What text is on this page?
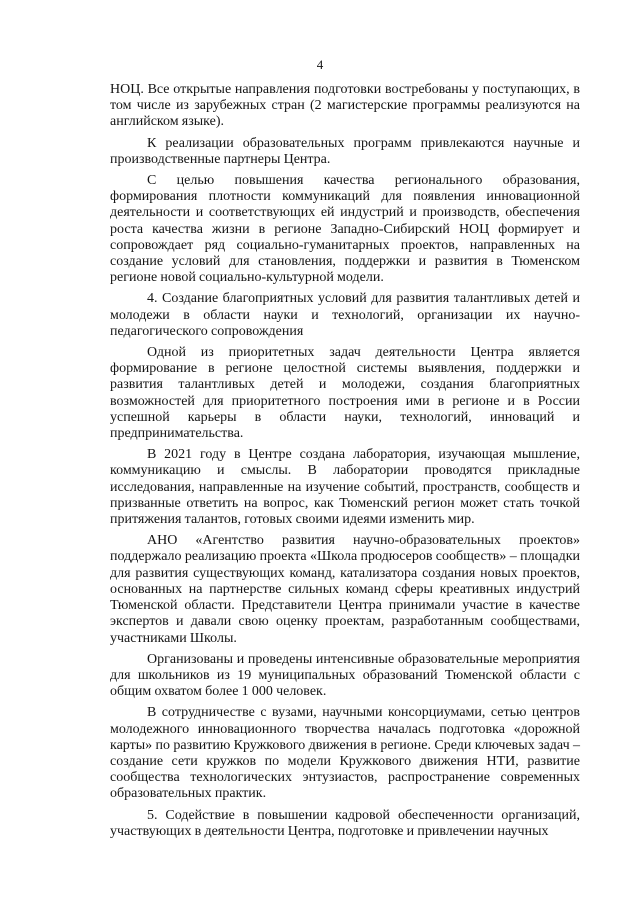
4

НОЦ. Все открытые направления подготовки востребованы у поступающих, в том числе из зарубежных стран (2 магистерские программы реализуются на английском языке).

К реализации образовательных программ привлекаются научные и производственные партнеры Центра.

С целью повышения качества регионального образования, формирования плотности коммуникаций для появления инновационной деятельности и соответствующих ей индустрий и производств, обеспечения роста качества жизни в регионе Западно-Сибирский НОЦ формирует и сопровождает ряд социально-гуманитарных проектов, направленных на создание условий для становления, поддержки и развития в Тюменском регионе новой социально-культурной модели.

4. Создание благоприятных условий для развития талантливых детей и молодежи в области науки и технологий, организации их научно-педагогического сопровождения

Одной из приоритетных задач деятельности Центра является формирование в регионе целостной системы выявления, поддержки и развития талантливых детей и молодежи, создания благоприятных возможностей для приоритетного построения ими в регионе и в России успешной карьеры в области науки, технологий, инноваций и предпринимательства.

В 2021 году в Центре создана лаборатория, изучающая мышление, коммуникацию и смыслы. В лаборатории проводятся прикладные исследования, направленные на изучение событий, пространств, сообществ и призванные ответить на вопрос, как Тюменский регион может стать точкой притяжения талантов, готовых своими идеями изменить мир.

АНО «Агентство развития научно-образовательных проектов» поддержало реализацию проекта «Школа продюсеров сообществ» – площадки для развития существующих команд, катализатора создания новых проектов, основанных на партнерстве сильных команд сферы креативных индустрий Тюменской области. Представители Центра принимали участие в качестве экспертов и давали свою оценку проектам, разработанным сообществами, участниками Школы.

Организованы и проведены интенсивные образовательные мероприятия для школьников из 19 муниципальных образований Тюменской области с общим охватом более 1 000 человек.

В сотрудничестве с вузами, научными консорциумами, сетью центров молодежного инновационного творчества началась подготовка «дорожной карты» по развитию Кружкового движения в регионе. Среди ключевых задач – создание сети кружков по модели Кружкового движения НТИ, развитие сообщества технологических энтузиастов, распространение современных образовательных практик.

5. Содействие в повышении кадровой обеспеченности организаций, участвующих в деятельности Центра, подготовке и привлечении научных
